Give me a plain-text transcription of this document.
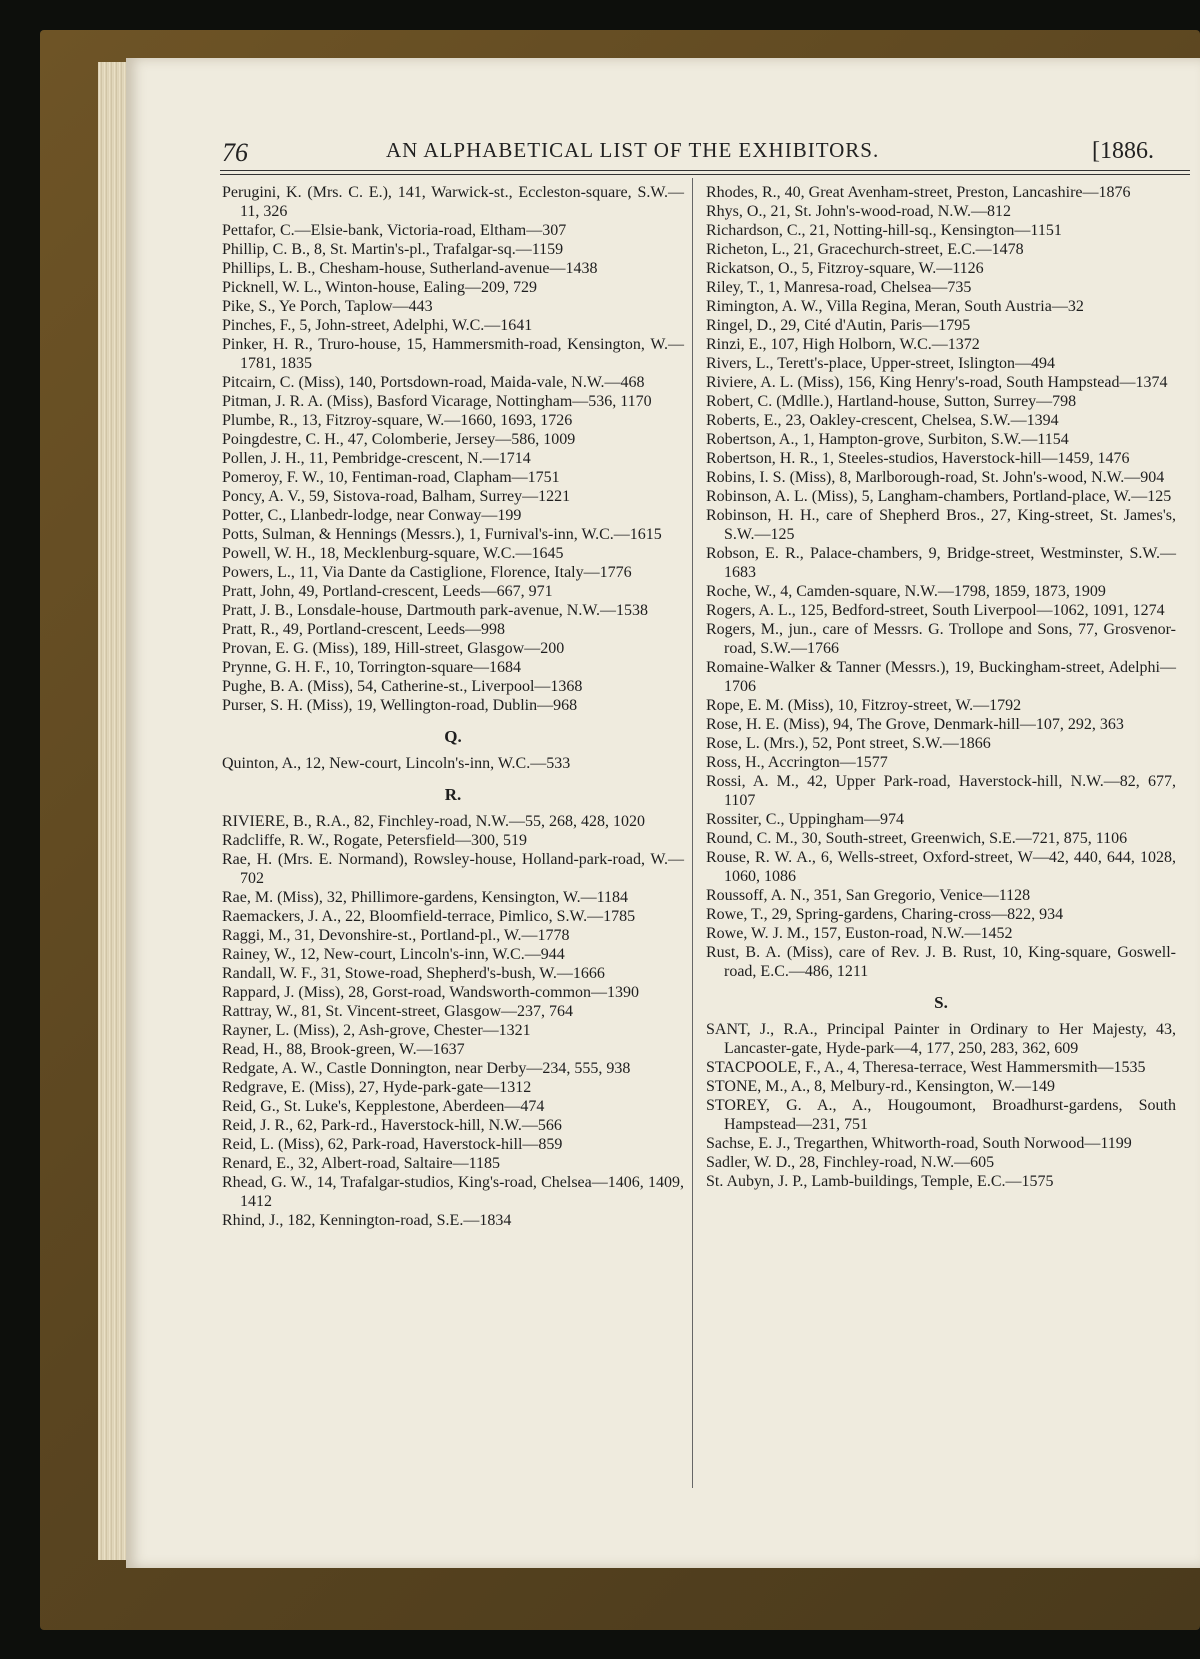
76	AN ALPHABETICAL LIST OF THE EXHIBITORS.	[1886.

Perugini, K. (Mrs. C. E.), 141, Warwick-st., Eccleston-square, S.W.—11, 326

Pettafor, C.—Elsie-bank, Victoria-road, Eltham—307

Phillip, C. B., 8, St. Martin's-pl., Trafalgar-sq.—1159

Phillips, L. B., Chesham-house, Sutherland-avenue—1438

Picknell, W. L., Winton-house, Ealing—209, 729

Pike, S., Ye Porch, Taplow—443

Pinches, F., 5, John-street, Adelphi, W.C.—1641

Pinker, H. R., Truro-house, 15, Hammersmith-road, Kensington, W.—1781, 1835

Pitcairn, C. (Miss), 140, Portsdown-road, Maida-vale, N.W.—468

Pitman, J. R. A. (Miss), Basford Vicarage, Nottingham—536, 1170

Plumbe, R., 13, Fitzroy-square, W.—1660, 1693, 1726

Poingdestre, C. H., 47, Colomberie, Jersey—586, 1009

Pollen, J. H., 11, Pembridge-crescent, N.—1714

Pomeroy, F. W., 10, Fentiman-road, Clapham—1751

Poncy, A. V., 59, Sistova-road, Balham, Surrey—1221

Potter, C., Llanbedr-lodge, near Conway—199

Potts, Sulman, & Hennings (Messrs.), 1, Furnival's-inn, W.C.—1615

Powell, W. H., 18, Mecklenburg-square, W.C.—1645

Powers, L., 11, Via Dante da Castiglione, Florence, Italy—1776

Pratt, John, 49, Portland-crescent, Leeds—667, 971

Pratt, J. B., Lonsdale-house, Dartmouth park-avenue, N.W.—1538

Pratt, R., 49, Portland-crescent, Leeds—998

Provan, E. G. (Miss), 189, Hill-street, Glasgow—200

Prynne, G. H. F., 10, Torrington-square—1684

Pughe, B. A. (Miss), 54, Catherine-st., Liverpool—1368

Purser, S. H. (Miss), 19, Wellington-road, Dublin—968

Q.

Quinton, A., 12, New-court, Lincoln's-inn, W.C.—533

R.

RIVIERE, B., R.A., 82, Finchley-road, N.W.—55, 268, 428, 1020

Radcliffe, R. W., Rogate, Petersfield—300, 519

Rae, H. (Mrs. E. Normand), Rowsley-house, Holland-park-road, W.—702

Rae, M. (Miss), 32, Phillimore-gardens, Kensington, W.—1184

Raemackers, J. A., 22, Bloomfield-terrace, Pimlico, S.W.—1785

Raggi, M., 31, Devonshire-st., Portland-pl., W.—1778

Rainey, W., 12, New-court, Lincoln's-inn, W.C.—944

Randall, W. F., 31, Stowe-road, Shepherd's-bush, W.—1666

Rappard, J. (Miss), 28, Gorst-road, Wandsworth-common—1390

Rattray, W., 81, St. Vincent-street, Glasgow—237, 764

Rayner, L. (Miss), 2, Ash-grove, Chester—1321

Read, H., 88, Brook-green, W.—1637

Redgate, A. W., Castle Donnington, near Derby—234, 555, 938

Redgrave, E. (Miss), 27, Hyde-park-gate—1312

Reid, G., St. Luke's, Kepplestone, Aberdeen—474

Reid, J. R., 62, Park-rd., Haverstock-hill, N.W.—566

Reid, L. (Miss), 62, Park-road, Haverstock-hill—859

Renard, E., 32, Albert-road, Saltaire—1185

Rhead, G. W., 14, Trafalgar-studios, King's-road, Chelsea—1406, 1409, 1412

Rhind, J., 182, Kennington-road, S.E.—1834

Rhodes, R., 40, Great Avenham-street, Preston, Lancashire—1876

Rhys, O., 21, St. John's-wood-road, N.W.—812

Richardson, C., 21, Notting-hill-sq., Kensington—1151

Richeton, L., 21, Gracechurch-street, E.C.—1478

Rickatson, O., 5, Fitzroy-square, W.—1126

Riley, T., 1, Manresa-road, Chelsea—735

Rimington, A. W., Villa Regina, Meran, South Austria—32

Ringel, D., 29, Cité d'Autin, Paris—1795

Rinzi, E., 107, High Holborn, W.C.—1372

Rivers, L., Terett's-place, Upper-street, Islington—494

Riviere, A. L. (Miss), 156, King Henry's-road, South Hampstead—1374

Robert, C. (Mdlle.), Hartland-house, Sutton, Surrey—798

Roberts, E., 23, Oakley-crescent, Chelsea, S.W.—1394

Robertson, A., 1, Hampton-grove, Surbiton, S.W.—1154

Robertson, H. R., 1, Steeles-studios, Haverstock-hill—1459, 1476

Robins, I. S. (Miss), 8, Marlborough-road, St. John's-wood, N.W.—904

Robinson, A. L. (Miss), 5, Langham-chambers, Portland-place, W.—125

Robinson, H. H., care of Shepherd Bros., 27, King-street, St. James's, S.W.—125

Robson, E. R., Palace-chambers, 9, Bridge-street, Westminster, S.W.—1683

Roche, W., 4, Camden-square, N.W.—1798, 1859, 1873, 1909

Rogers, A. L., 125, Bedford-street, South Liverpool—1062, 1091, 1274

Rogers, M., jun., care of Messrs. G. Trollope and Sons, 77, Grosvenor-road, S.W.—1766

Romaine-Walker & Tanner (Messrs.), 19, Buckingham-street, Adelphi—1706

Rope, E. M. (Miss), 10, Fitzroy-street, W.—1792

Rose, H. E. (Miss), 94, The Grove, Denmark-hill—107, 292, 363

Rose, L. (Mrs.), 52, Pont street, S.W.—1866

Ross, H., Accrington—1577

Rossi, A. M., 42, Upper Park-road, Haverstock-hill, N.W.—82, 677, 1107

Rossiter, C., Uppingham—974

Round, C. M., 30, South-street, Greenwich, S.E.—721, 875, 1106

Rouse, R. W. A., 6, Wells-street, Oxford-street, W—42, 440, 644, 1028, 1060, 1086

Roussoff, A. N., 351, San Gregorio, Venice—1128

Rowe, T., 29, Spring-gardens, Charing-cross—822, 934

Rowe, W. J. M., 157, Euston-road, N.W.—1452

Rust, B. A. (Miss), care of Rev. J. B. Rust, 10, King-square, Goswell-road, E.C.—486, 1211

S.

SANT, J., R.A., Principal Painter in Ordinary to Her Majesty, 43, Lancaster-gate, Hyde-park—4, 177, 250, 283, 362, 609

STACPOOLE, F., A., 4, Theresa-terrace, West Hammersmith—1535

STONE, M., A., 8, Melbury-rd., Kensington, W.—149

STOREY, G. A., A., Hougoumont, Broadhurst-gardens, South Hampstead—231, 751

Sachse, E. J., Tregarthen, Whitworth-road, South Norwood—1199

Sadler, W. D., 28, Finchley-road, N.W.—605

St. Aubyn, J. P., Lamb-buildings, Temple, E.C.—1575
